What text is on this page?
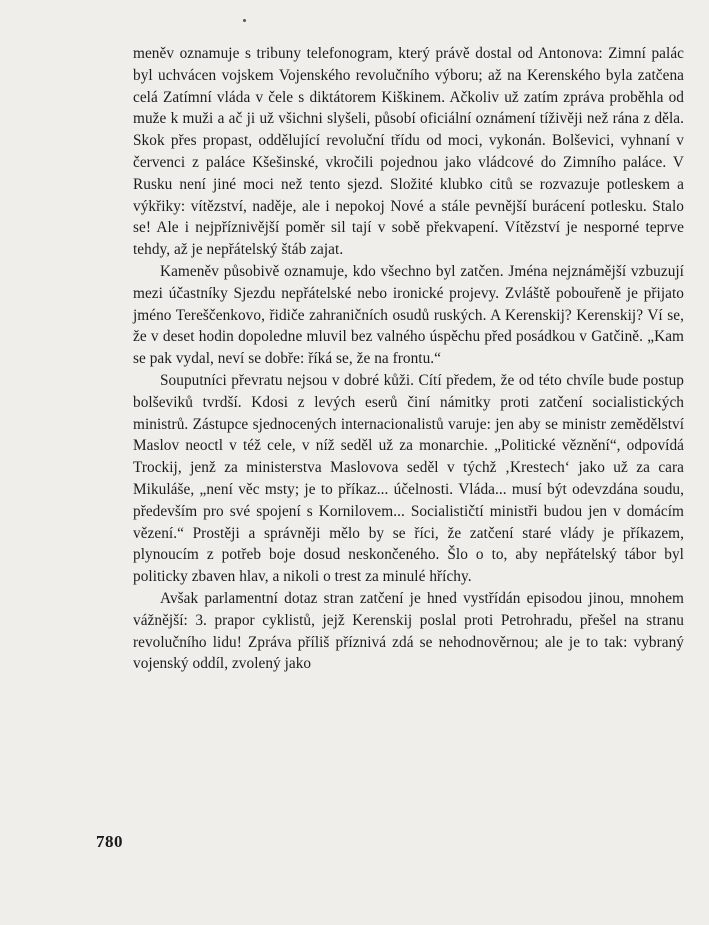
meněv oznamuje s tribuny telefonogram, který právě dostal od Antonova: Zimní palác byl uchvácen vojskem Vojenského revolučního výboru; až na Kerenského byla zatčena celá Zatímní vláda v čele s diktátorem Kiškinem. Ačkoliv už zatím zpráva proběhla od muže k muži a ač ji už všichni slyšeli, působí oficiální oznámení tíživěji než rána z děla. Skok přes propast, oddělující revoluční třídu od moci, vykonán. Bolševici, vyhnaní v červenci z paláce Kšešinské, vkročili pojednou jako vládcové do Zimního paláce. V Rusku není jiné moci než tento sjezd. Složité klubko citů se rozvazuje potleskem a výkřiky: vítězství, naděje, ale i nepokoj Nové a stále pevnější burácení potlesku. Stalo se! Ale i nejpříznivější poměr sil tají v sobě překvapení. Vítězství je nesporné teprve tehdy, až je nepřátelský štáb zajat.

Kameněv působivě oznamuje, kdo všechno byl zatčen. Jména nejznámější vzbuzují mezi účastníky Sjezdu nepřátelské nebo ironické projevy. Zvláště pobouřeně je přijato jméno Tereščenkovo, řidiče zahraničních osudů ruských. A Kerenskij? Kerenskij? Ví se, že v deset hodin dopoledne mluvil bez valného úspěchu před posádkou v Gatčině. „Kam se pak vydal, neví se dobře: říká se, že na frontu.“

Souputníci převratu nejsou v dobré kůži. Cítí předem, že od této chvíle bude postup bolševiků tvrdší. Kdosi z levých eserů činí námitky proti zatčení socialistických ministrů. Zástupce sjednocených internacionalistů varuje: jen aby se ministr zemědělství Maslov neoctl v též cele, v níž seděl už za monarchie. „Politické věznění“, odpovídá Trockij, jenž za ministerstva Maslovova seděl v týchž ‚Krestech‘ jako už za cara Mikuláše, „není věc msty; je to příkaz... účelnosti. Vláda... musí být odevzdána soudu, především pro své spojení s Kornilovem... Socialističtí ministři budou jen v domácím vězení.“ Prostěji a správněji mělo by se říci, že zatčení staré vlády je příkazem, plynoucím z potřeb boje dosud neskončeného. Šlo o to, aby nepřátelský tábor byl politicky zbaven hlav, a nikoli o trest za minulé hříchy.

Avšak parlamentní dotaz stran zatčení je hned vystřídán episodou jinou, mnohem vážnější: 3. prapor cyklistů, jejž Kerenskij poslal proti Petrohradu, přešel na stranu revolučního lidu! Zpráva příliš příznivá zdá se nehodnověrnou; ale je to tak: vybraný vojenský oddíl, zvolený jako

780
